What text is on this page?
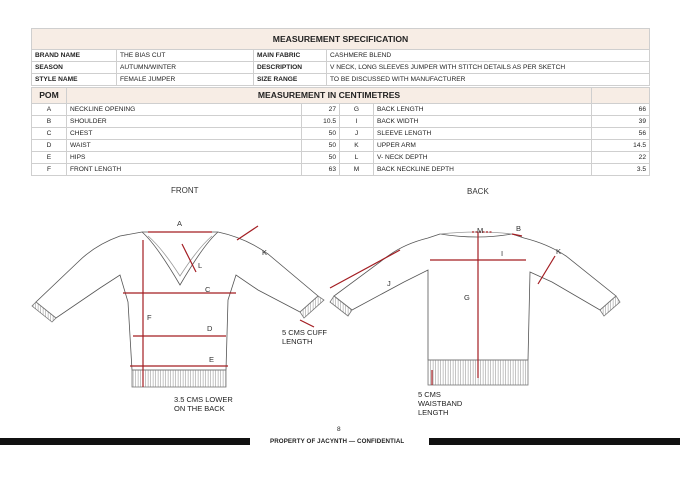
MEASUREMENT SPECIFICATION			
BRAND NAME	THE BIAS CUT	MAIN FABRIC	CASHMERE BLEND
SEASON	AUTUMN/WINTER	DESCRIPTION	V NECK, LONG SLEEVES JUMPER WITH STITCH DETAILS AS PER SKETCH
STYLE NAME	FEMALE JUMPER	SIZE RANGE	TO BE DISCUSSED WITH MANUFACTURER
POM	MEASUREMENT IN CENTIMETRES				
A	NECKLINE OPENING	27	G	BACK LENGTH	66
B	SHOULDER	10.5	I	BACK WIDTH	39
C	CHEST	50	J	SLEEVE LENGTH	56
D	WAIST	50	K	UPPER ARM	14.5
E	HIPS	50	L	V- NECK DEPTH	22
F	FRONT LENGTH	63	M	BACK NECKLINE DEPTH	3.5
FRONT	BACK
A
L
K
C
F
D
E
M	B
K
I
J
G
5 CMS CUFF
LENGTH
3.5 CMS LOWER
ON THE BACK
5 CMS
WAISTBAND
LENGTH
8
PROPERTY OF JACYNTH — CONFIDENTIAL
